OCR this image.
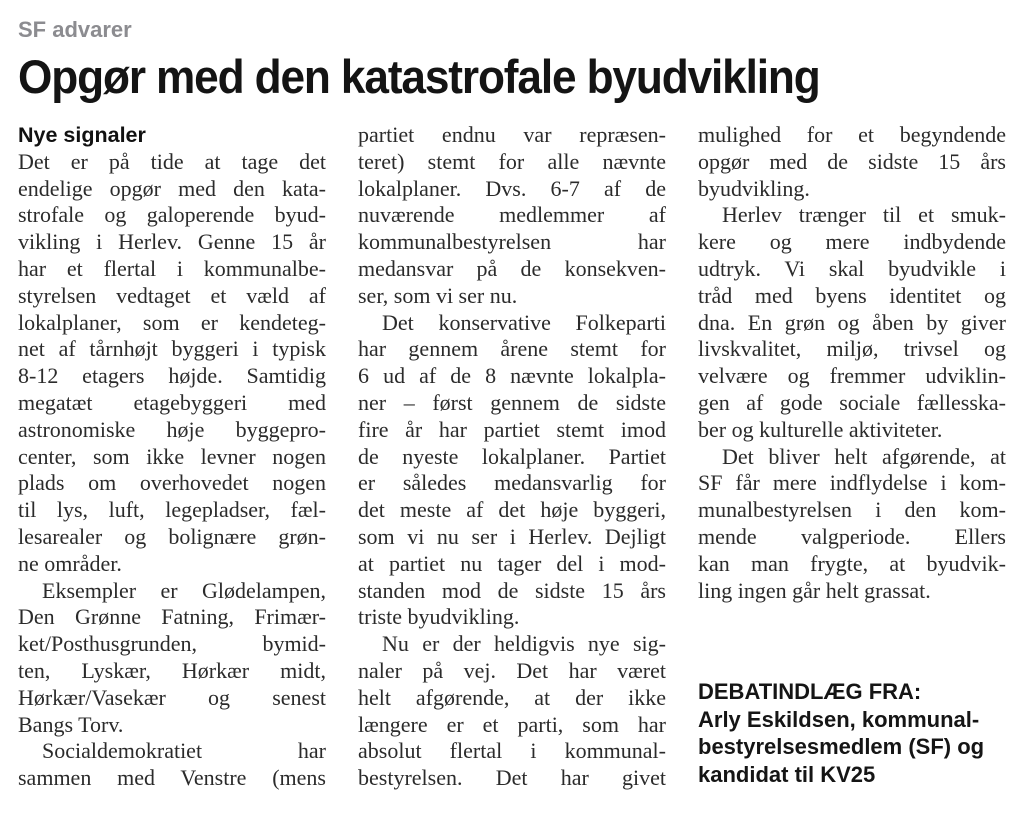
SF advarer
Opgør med den katastrofale byudvikling
Nye signaler
Det er på tide at tage det
endelige opgør med den kata-
strofale og galoperende byud-
vikling i Herlev. Genne 15 år
har et flertal i kommunalbe-
styrelsen vedtaget et væld af
lokalplaner, som er kendeteg-
net af tårnhøjt byggeri i typisk
8-12 etagers højde. Samtidig
megatæt etagebyggeri med
astronomiske høje byggepro-
center, som ikke levner nogen
plads om overhovedet nogen
til lys, luft, legepladser, fæl-
lesarealer og bolignære grøn-
ne områder.
Eksempler er Glødelampen,
Den Grønne Fatning, Frimær-
ket/Posthusgrunden, bymid-
ten, Lyskær, Hørkær midt,
Hørkær/Vasekær og senest
Bangs Torv.
Socialdemokratiet har
sammen med Venstre (mens
partiet endnu var repræsen-
teret) stemt for alle nævnte
lokalplaner. Dvs. 6-7 af de
nuværende medlemmer af
kommunalbestyrelsen har
medansvar på de konsekven-
ser, som vi ser nu.
Det konservative Folkeparti
har gennem årene stemt for
6 ud af de 8 nævnte lokalpla-
ner – først gennem de sidste
fire år har partiet stemt imod
de nyeste lokalplaner. Partiet
er således medansvarlig for
det meste af det høje byggeri,
som vi nu ser i Herlev. Dejligt
at partiet nu tager del i mod-
standen mod de sidste 15 års
triste byudvikling.
Nu er der heldigvis nye sig-
naler på vej. Det har været
helt afgørende, at der ikke
længere er et parti, som har
absolut flertal i kommunal-
bestyrelsen. Det har givet
mulighed for et begyndende
opgør med de sidste 15 års
byudvikling.
Herlev trænger til et smuk-
kere og mere indbydende
udtryk. Vi skal byudvikle i
tråd med byens identitet og
dna. En grøn og åben by giver
livskvalitet, miljø, trivsel og
velvære og fremmer udviklin-
gen af gode sociale fællesska-
ber og kulturelle aktiviteter.
Det bliver helt afgørende, at
SF får mere indflydelse i kom-
munalbestyrelsen i den kom-
mende valgperiode. Ellers
kan man frygte, at byudvik-
ling ingen går helt grassat.
DEBATINDLÆG FRA:
Arly Eskildsen, kommunal-
bestyrelsesmedlem (SF) og
kandidat til KV25
